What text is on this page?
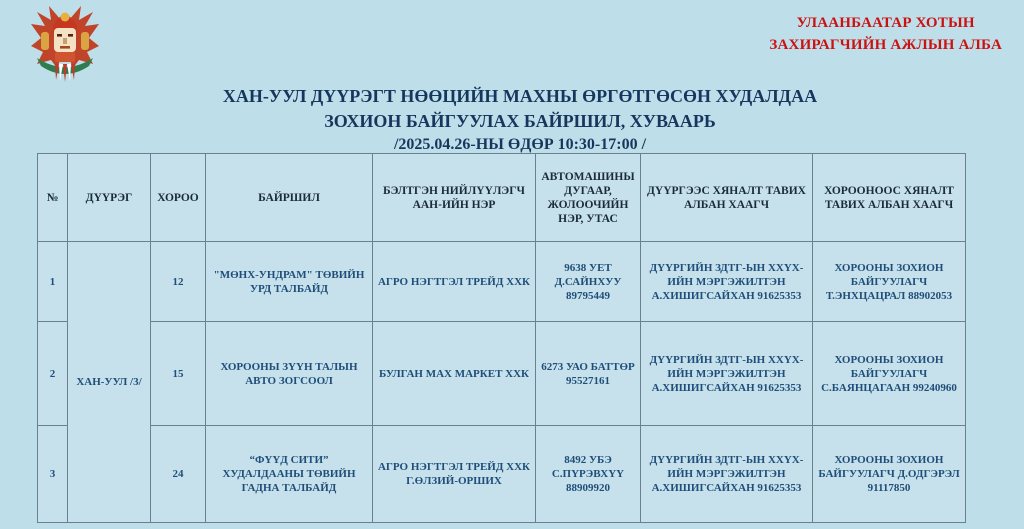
УЛААНБААТАР ХОТЫН
ЗАХИРАГЧИЙН АЖЛЫН АЛБА
ХАН-УУЛ ДҮҮРЭГТ НӨӨЦИЙН МАХНЫ ӨРГӨТГӨСӨН ХУДАЛДАА
ЗОХИОН БАЙГУУЛАХ БАЙРШИЛ, ХУВААРЬ
/2025.04.26-НЫ ӨДӨР 10:30-17:00 /
№	ДҮҮРЭГ	ХОРОО	БАЙРШИЛ	БЭЛТГЭН НИЙЛҮҮЛЭГЧ ААН-ИЙН НЭР	АВТОМАШИНЫ ДУГААР, ЖОЛООЧИЙН НЭР, УТАС	ДҮҮРГЭЭС ХЯНАЛТ ТАВИХ АЛБАН ХААГЧ	ХОРООНООС ХЯНАЛТ ТАВИХ АЛБАН ХААГЧ
1	ХАН-УУЛ /3/	12	"МӨНХ-УНДРАМ" ТӨВИЙН УРД ТАЛБАЙД	АГРО НЭГТГЭЛ ТРЕЙД ХХК	9638 УЕТ Д.САЙНХУУ 89795449	ДҮҮРГИЙН ЗДТГ-ЫН ХХҮХ-ИЙН МЭРГЭЖИЛТЭН А.ХИШИГСАЙХАН 91625353	ХОРООНЫ ЗОХИОН БАЙГУУЛАГЧ Т.ЭНХЦАЦРАЛ 88902053
2		15	ХОРООНЫ ЗҮҮН ТАЛЫН АВТО ЗОГСООЛ	БУЛГАН МАХ МАРКЕТ ХХК	6273 УАО БАТТӨР 95527161	ДҮҮРГИЙН ЗДТГ-ЫН ХХҮХ-ИЙН МЭРГЭЖИЛТЭН А.ХИШИГСАЙХАН 91625353	ХОРООНЫ ЗОХИОН БАЙГУУЛАГЧ С.БАЯНЦАГААН 99240960
3		24	“ФҮҮД СИТИ” ХУДАЛДААНЫ ТӨВИЙН ГАДНА ТАЛБАЙД	АГРО НЭГТГЭЛ ТРЕЙД ХХК Г.ӨЛЗИЙ-ОРШИХ	8492 УБЭ С.ПҮРЭВХҮҮ 88909920	ДҮҮРГИЙН ЗДТГ-ЫН ХХҮХ-ИЙН МЭРГЭЖИЛТЭН А.ХИШИГСАЙХАН 91625353	ХОРООНЫ ЗОХИОН БАЙГУУЛАГЧ Д.ОДГЭРЭЛ 91117850
